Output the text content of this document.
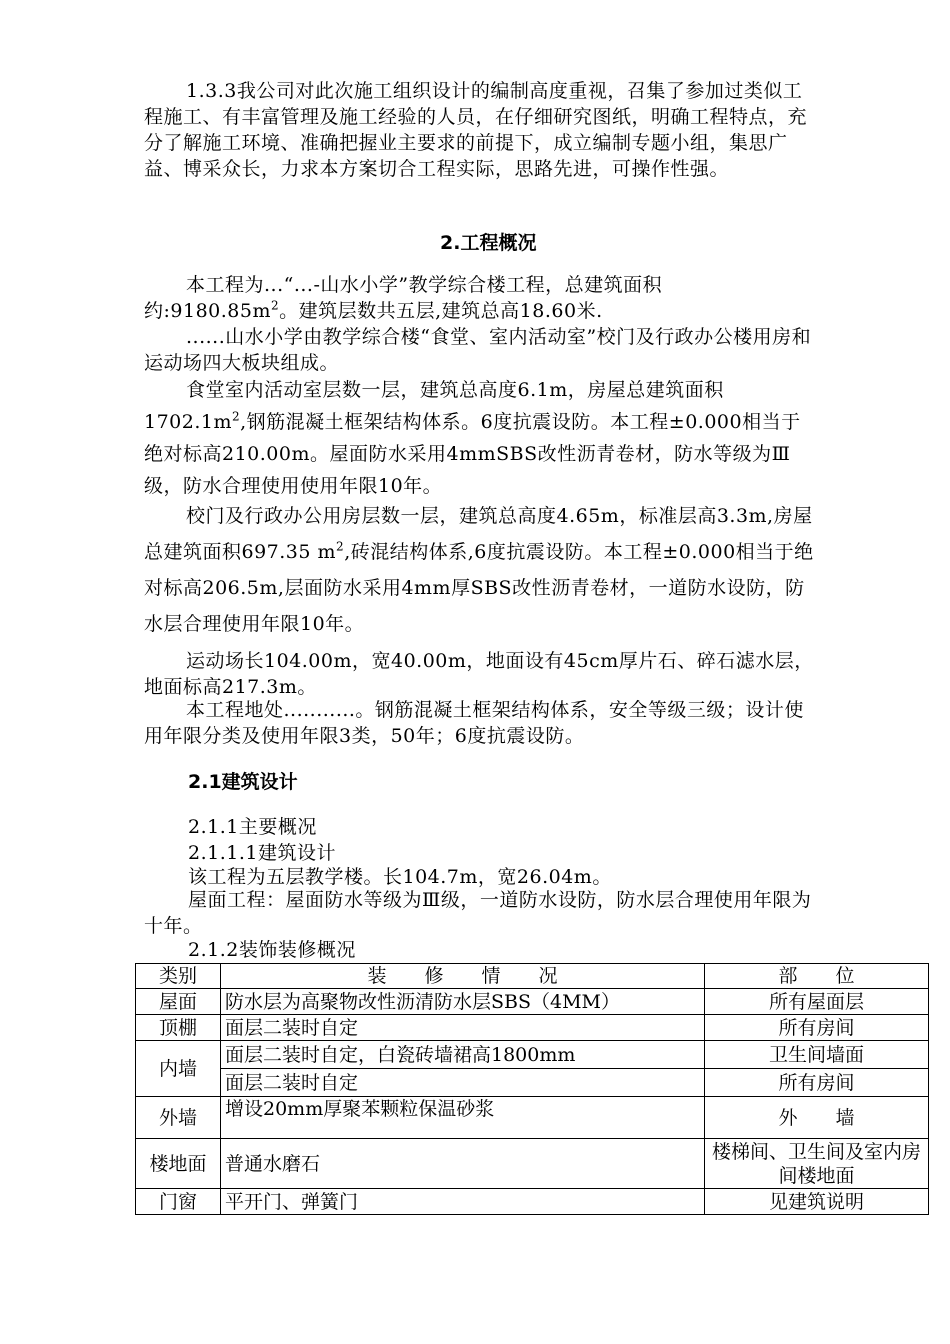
1.3.3我公司对此次施工组织设计的编制高度重视，召集了参加过类似工程施工、有丰富管理及施工经验的人员，在仔细研究图纸，明确工程特点，充分了解施工环境、准确把握业主要求的前提下，成立编制专题小组，集思广益、博采众长，力求本方案切合工程实际，思路先进，可操作性强。

2.工程概况

本工程为...“...-山水小学”教学综合楼工程，总建筑面积约$:9180.85m^2$。建筑层数共五层,建筑总高18.60米.

......山水小学由教学综合楼“食堂、室内活动室”校门及行政办公楼用房和运动场四大板块组成。

食堂室内活动室层数一层，建筑总高度6.1m，房屋总建筑面积$1702.1m^2$,钢筋混凝土框架结构体系。6度抗震设防。本工程±0.000相当于绝对标高210.00m。屋面防水采用4mmSBS改性沥青卷材，防水等级为Ⅲ级，防水合理使用使用年限10年。

校门及行政办公用房层数一层，建筑总高度4.65m，标准层高3.3m,房屋总建筑面积697.35 $m^2$,砖混结构体系,6度抗震设防。本工程±0.000相当于绝对标高206.5m,层面防水采用4mm厚SBS改性沥青卷材，一道防水设防，防水层合理使用年限10年。

运动场长104.00m，宽40.00m，地面设有45cm厚片石、碎石滤水层，地面标高217.3m。

本工程地处...........。钢筋混凝土框架结构体系，安全等级三级；设计使用年限分类及使用年限3类，50年；6度抗震设防。

2.1建筑设计

2.1.1主要概况

2.1.1.1建筑设计

该工程为五层教学楼。长104.7m，宽26.04m。

屋面工程：屋面防水等级为Ⅲ级，一道防水设防，防水层合理使用年限为十年。

2.1.2装饰装修概况

类别	装　　修　　情　　况	部　　位
屋面	防水层为高聚物改性沥清防水层SBS（4MM）	所有屋面层
顶棚	面层二装时自定	所有房间
内墙	面层二装时自定，白瓷砖墙裙高1800mm	卫生间墙面
	面层二装时自定	所有房间
外墙	增设20mm厚聚苯颗粒保温砂浆	外　　墙
楼地面	普通水磨石	楼梯间、卫生间及室内房间楼地面
门窗	平开门、弹簧门	见建筑说明
